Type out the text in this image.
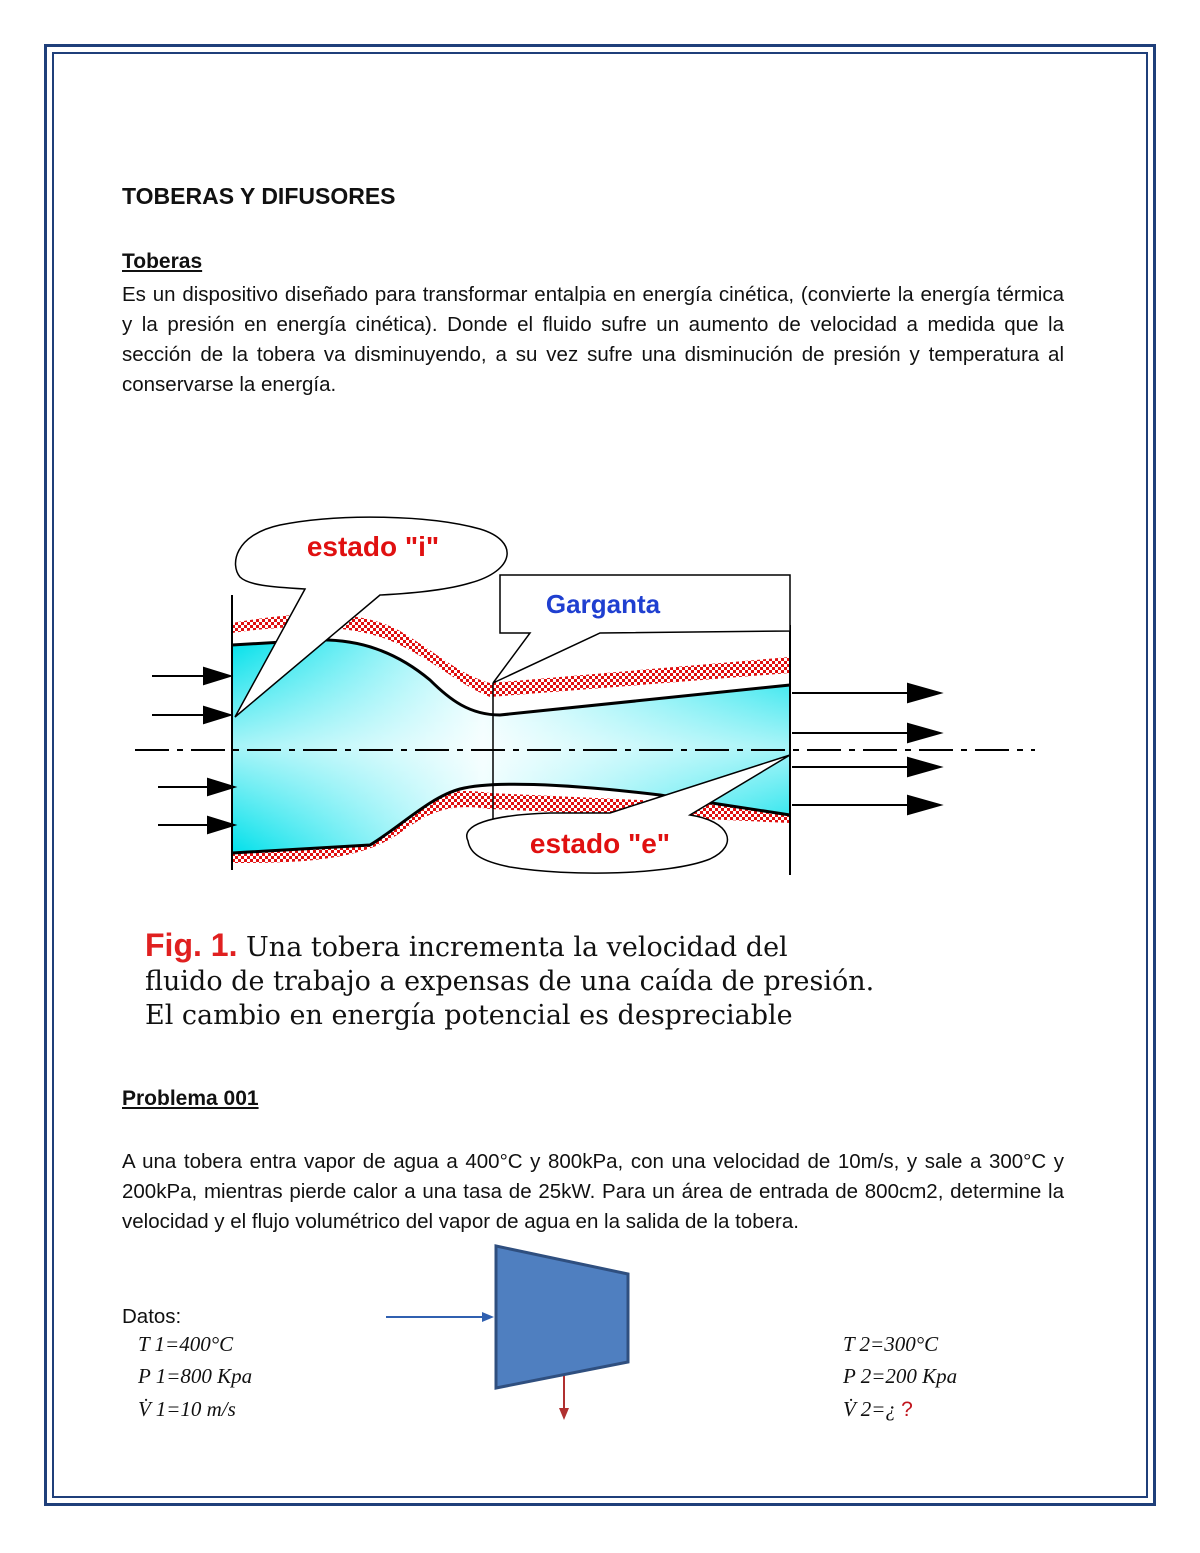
TOBERAS Y DIFUSORES
Toberas
Es un dispositivo diseñado para transformar entalpia en energía cinética, (convierte la energía térmica y la presión en energía cinética). Donde el fluido sufre un aumento de velocidad a medida que la sección de la tobera va disminuyendo, a su vez sufre una disminución de presión y temperatura al conservarse la energía.
estado "i"
Garganta
estado "e"
Fig. 1. Una tobera incrementa la velocidad del
fluido de trabajo a expensas de una caída de presión.
El cambio en energía potencial es despreciable
Problema 001
A una tobera entra vapor de agua a 400°C y 800kPa, con una velocidad de 10m/s, y sale a 300°C y 200kPa, mientras pierde calor a una tasa de 25kW. Para un área de entrada de 800cm2, determine la velocidad y el flujo volumétrico del vapor de agua en la salida de la tobera.
Datos:
T 1=400°C
P 1=800 Kpa
V̇ 1=10 m/s
T 2=300°C
P 2=200 Kpa
V̇ 2=¿ ?
